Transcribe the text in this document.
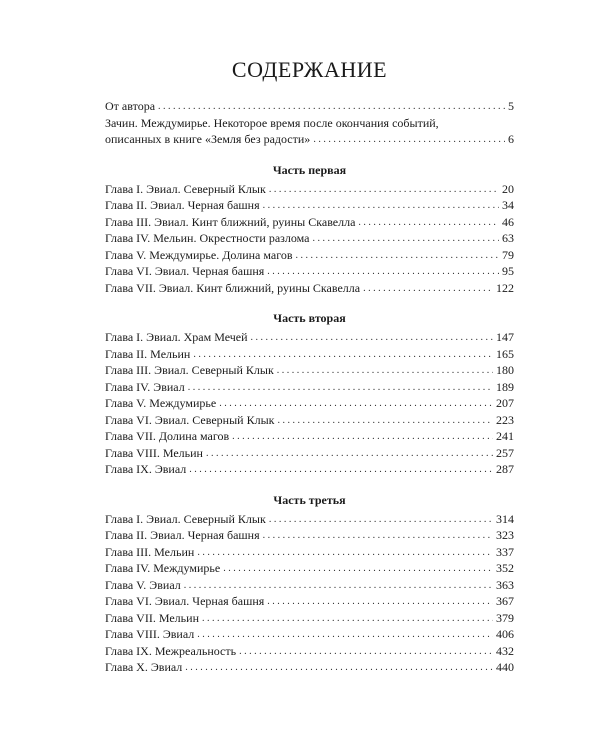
СОДЕРЖАНИЕ
От автора . . .	5
Зачин. Междумирье. Некоторое время после окончания событий,
описанных в книге «Земля без радости» . . .	6
Часть первая
Глава I. Эвиал. Северный Клык . . .	20
Глава II. Эвиал. Черная башня . . .	34
Глава III. Эвиал. Кинт ближний, руины Скавелла . . .	46
Глава IV. Мельин. Окрестности разлома . . .	63
Глава V. Междумирье. Долина магов . . .	79
Глава VI. Эвиал. Черная башня . . .	95
Глава VII. Эвиал. Кинт ближний, руины Скавелла . . .	122
Часть вторая
Глава I. Эвиал. Храм Мечей . . .	147
Глава II. Мельин . . .	165
Глава III. Эвиал. Северный Клык . . .	180
Глава IV. Эвиал . . .	189
Глава V. Междумирье . . .	207
Глава VI. Эвиал. Северный Клык . . .	223
Глава VII. Долина магов . . .	241
Глава VIII. Мельин . . .	257
Глава IX. Эвиал . . .	287
Часть третья
Глава I. Эвиал. Северный Клык . . .	314
Глава II. Эвиал. Черная башня . . .	323
Глава III. Мельин . . .	337
Глава IV. Междумирье . . .	352
Глава V. Эвиал . . .	363
Глава VI. Эвиал. Черная башня . . .	367
Глава VII. Мельин . . .	379
Глава VIII. Эвиал . . .	406
Глава IX. Межреальность . . .	432
Глава X. Эвиал . . .	440
